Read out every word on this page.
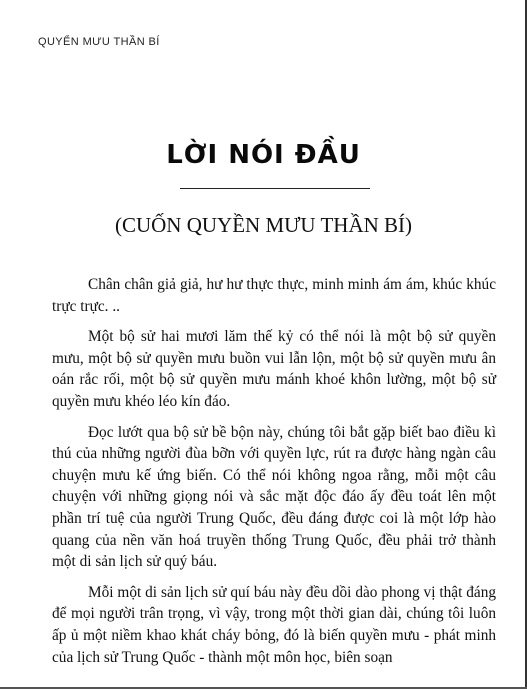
QUYỂN MƯU THẦN BÍ
LỜI NÓI ĐẦU
(CUỐN QUYỀN MƯU THẦN BÍ)

Chân chân giả giả, hư hư thực thực, minh minh ám ám, khúc khúc trực trực. ..

Một bộ sử hai mươi lăm thế kỷ có thể nói là một bộ sử quyền mưu, một bộ sử quyền mưu buồn vui lẫn lộn, một bộ sử quyền mưu ân oán rắc rối, một bộ sử quyền mưu mánh khoé khôn lường, một bộ sử quyền mưu khéo léo kín đáo.

Đọc lướt qua bộ sử bề bộn này, chúng tôi bắt gặp biết bao điều kì thú của những người đùa bỡn với quyền lực, rút ra được hàng ngàn câu chuyện mưu kế ứng biến. Có thể nói không ngoa rằng, mỗi một câu chuyện với những giọng nói và sắc mặt độc đáo ấy đều toát lên một phần trí tuệ của người Trung Quốc, đều đáng được coi là một lớp hào quang của nền văn hoá truyền thống Trung Quốc, đều phải trở thành một di sản lịch sử quý báu.

Mỗi một di sản lịch sử quí báu này đều dồi dào phong vị thật đáng để mọi người trân trọng, vì vậy, trong một thời gian dài, chúng tôi luôn ấp ủ một niềm khao khát cháy bỏng, đó là biến quyền mưu - phát minh của lịch sử Trung Quốc - thành một môn học, biên soạn
